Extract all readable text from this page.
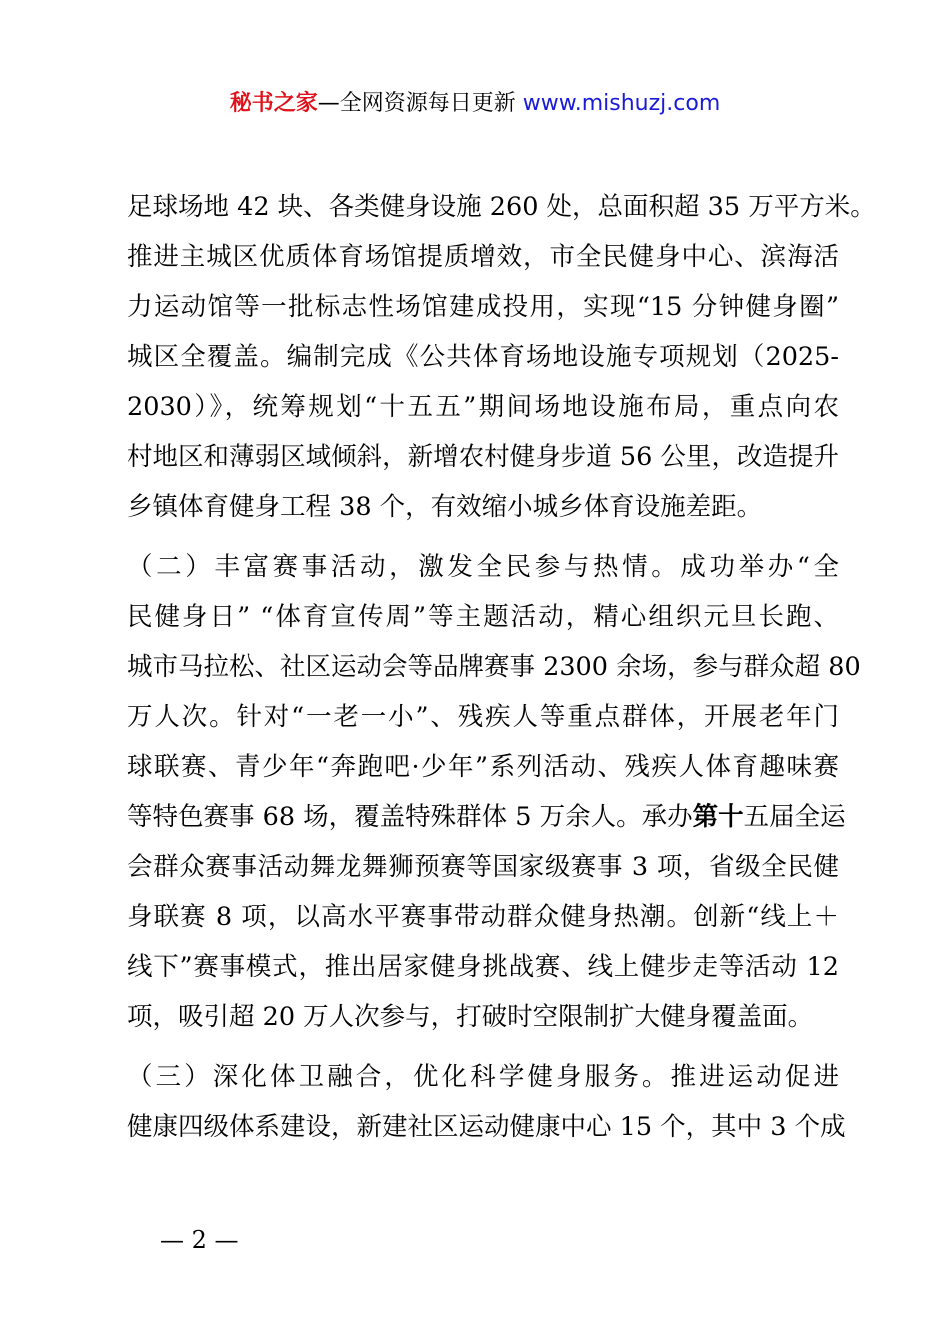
秘书之家—全网资源每日更新 www.mishuzj.com
足球场地 42 块、各类健身设施 260 处，总面积超 35 万平方米。
推进主城区优质体育场馆提质增效，市全民健身中心、滨海活
力运动馆等一批标志性场馆建成投用，实现“15 分钟健身圈”
城区全覆盖。编制完成《公共体育场地设施专项规划（2025-
2030）》，统筹规划“十五五”期间场地设施布局，重点向农
村地区和薄弱区域倾斜，新增农村健身步道 56 公里，改造提升
乡镇体育健身工程 38 个，有效缩小城乡体育设施差距。
（二）丰富赛事活动，激发全民参与热情。成功举办“全
民健身日” “体育宣传周”等主题活动，精心组织元旦长跑、
城市马拉松、社区运动会等品牌赛事 2300 余场，参与群众超 80
万人次。针对“一老一小”、残疾人等重点群体，开展老年门
球联赛、青少年“奔跑吧·少年”系列活动、残疾人体育趣味赛
等特色赛事 68 场，覆盖特殊群体 5 万余人。承办第十五届全运
会群众赛事活动舞龙舞狮预赛等国家级赛事 3 项，省级全民健
身联赛 8 项，以高水平赛事带动群众健身热潮。创新“线上＋
线下”赛事模式，推出居家健身挑战赛、线上健步走等活动 12
项，吸引超 20 万人次参与，打破时空限制扩大健身覆盖面。
（三）深化体卫融合，优化科学健身服务。推进运动促进
健康四级体系建设，新建社区运动健康中心 15 个，其中 3 个成
— 2 —
